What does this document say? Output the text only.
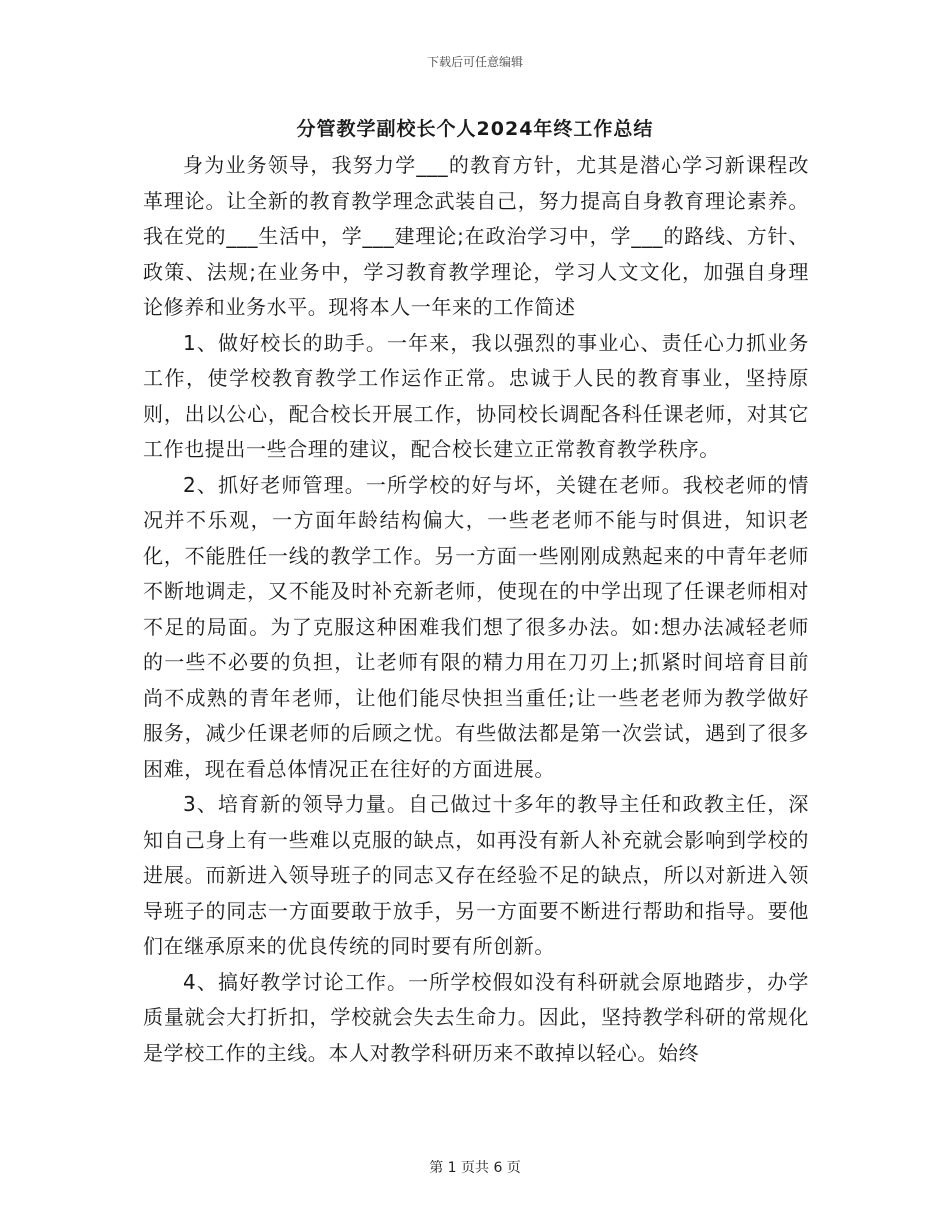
下载后可任意编辑
分管教学副校长个人2024年终工作总结

身为业务领导，我努力学___的教育方针，尤其是潜心学习新课程改革理论。让全新的教育教学理念武装自己，努力提高自身教育理论素养。我在党的___生活中，学___建理论;在政治学习中，学___的路线、方针、政策、法规;在业务中，学习教育教学理论，学习人文文化，加强自身理论修养和业务水平。现将本人一年来的工作简述

1、做好校长的助手。一年来，我以强烈的事业心、责任心力抓业务工作，使学校教育教学工作运作正常。忠诚于人民的教育事业，坚持原则，出以公心，配合校长开展工作，协同校长调配各科任课老师，对其它工作也提出一些合理的建议，配合校长建立正常教育教学秩序。

2、抓好老师管理。一所学校的好与坏，关键在老师。我校老师的情况并不乐观，一方面年龄结构偏大，一些老老师不能与时俱进，知识老化，不能胜任一线的教学工作。另一方面一些刚刚成熟起来的中青年老师不断地调走，又不能及时补充新老师，使现在的中学出现了任课老师相对不足的局面。为了克服这种困难我们想了很多办法。如:想办法减轻老师的一些不必要的负担，让老师有限的精力用在刀刃上;抓紧时间培育目前尚不成熟的青年老师，让他们能尽快担当重任;让一些老老师为教学做好服务，减少任课老师的后顾之忧。有些做法都是第一次尝试，遇到了很多困难，现在看总体情况正在往好的方面进展。

3、培育新的领导力量。自己做过十多年的教导主任和政教主任，深知自己身上有一些难以克服的缺点，如再没有新人补充就会影响到学校的进展。而新进入领导班子的同志又存在经验不足的缺点，所以对新进入领导班子的同志一方面要敢于放手，另一方面要不断进行帮助和指导。要他们在继承原来的优良传统的同时要有所创新。

4、搞好教学讨论工作。一所学校假如没有科研就会原地踏步，办学质量就会大打折扣，学校就会失去生命力。因此，坚持教学科研的常规化是学校工作的主线。本人对教学科研历来不敢掉以轻心。始终

第 1 页共 6 页
